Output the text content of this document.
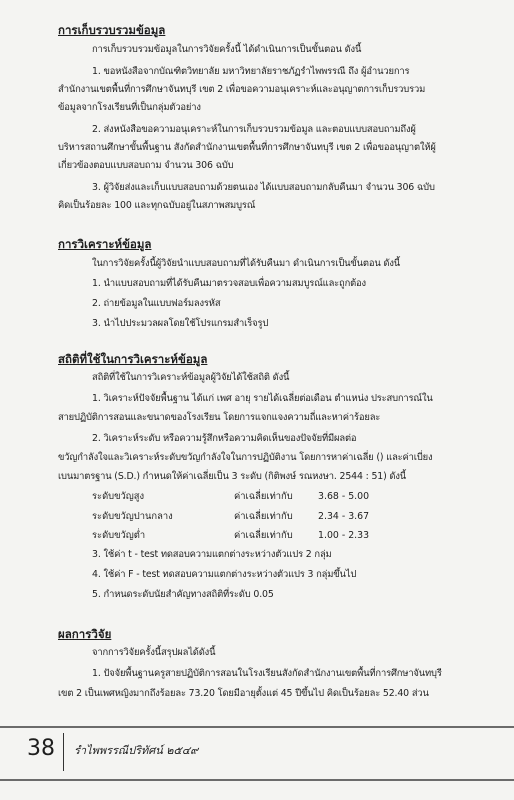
การเก็บรวบรวมข้อมูล
การเก็บรวบรวมข้อมูลในการวิจัยครั้งนี้ ได้ดำเนินการเป็นขั้นตอน ดังนี้
1. ขอหนังสือจากบัณฑิตวิทยาลัย มหาวิทยาลัยราชภัฏรำไพพรรณี ถึง ผู้อำนวยการ
สำนักงานเขตพื้นที่การศึกษาจันทบุรี เขต 2 เพื่อขอความอนุเคราะห์และอนุญาตการเก็บรวบรวม
ข้อมูลจากโรงเรียนที่เป็นกลุ่มตัวอย่าง
2. ส่งหนังสือขอความอนุเคราะห์ในการเก็บรวบรวมข้อมูล และตอบแบบสอบถามถึงผู้
บริหารสถานศึกษาขั้นพื้นฐาน สังกัดสำนักงานเขตพื้นที่การศึกษาจันทบุรี เขต 2 เพื่อขออนุญาตให้ผู้
เกี่ยวข้องตอบแบบสอบถาม จำนวน 306 ฉบับ
3. ผู้วิจัยส่งและเก็บแบบสอบถามด้วยตนเอง ได้แบบสอบถามกลับคืนมา จำนวน 306 ฉบับ
คิดเป็นร้อยละ 100 และทุกฉบับอยู่ในสภาพสมบูรณ์
การวิเคราะห์ข้อมูล
ในการวิจัยครั้งนี้ผู้วิจัยนำแบบสอบถามที่ได้รับคืนมา ดำเนินการเป็นขั้นตอน ดังนี้
1. นำแบบสอบถามที่ได้รับคืนมาตรวจสอบเพื่อความสมบูรณ์และถูกต้อง
2. ถ่ายข้อมูลในแบบฟอร์มลงรหัส
3. นำไปประมวลผลโดยใช้โปรแกรมสำเร็จรูป
สถิติที่ใช้ในการวิเคราะห์ข้อมูล
สถิติที่ใช้ในการวิเคราะห์ข้อมูลผู้วิจัยได้ใช้สถิติ ดังนี้
1. วิเคราะห์ปัจจัยพื้นฐาน ได้แก่ เพศ อายุ รายได้เฉลี่ยต่อเดือน ตำแหน่ง ประสบการณ์ใน
สายปฏิบัติการสอนและขนาดของโรงเรียน โดยการแจกแจงความถี่และหาค่าร้อยละ
2. วิเคราะห์ระดับ หรือความรู้สึกหรือความคิดเห็นของปัจจัยที่มีผลต่อ
ขวัญกำลังใจและวิเคราะห์ระดับขวัญกำลังใจในการปฏิบัติงาน โดยการหาค่าเฉลี่ย () และค่าเบี่ยง
เบนมาตรฐาน (S.D.) กำหนดให้ค่าเฉลี่ยเป็น 3 ระดับ (กิติพงษ์ รณหงษา. 2544 : 51) ดังนี้
ระดับขวัญสูง	ค่าเฉลี่ยเท่ากับ	3.68 - 5.00
ระดับขวัญปานกลาง	ค่าเฉลี่ยเท่ากับ	2.34 - 3.67
ระดับขวัญต่ำ	ค่าเฉลี่ยเท่ากับ	1.00 - 2.33
3. ใช้ค่า t - test ทดสอบความแตกต่างระหว่างตัวแปร 2 กลุ่ม
4. ใช้ค่า F - test ทดสอบความแตกต่างระหว่างตัวแปร 3 กลุ่มขึ้นไป
5. กำหนดระดับนัยสำคัญทางสถิติที่ระดับ 0.05
ผลการวิจัย
จากการวิจัยครั้งนี้สรุปผลได้ดังนี้
1. ปัจจัยพื้นฐานครูสายปฏิบัติการสอนในโรงเรียนสังกัดสำนักงานเขตพื้นที่การศึกษาจันทบุรี
เขต 2 เป็นเพศหญิงมากถึงร้อยละ 73.20 โดยมีอายุตั้งแต่ 45 ปีขึ้นไป คิดเป็นร้อยละ 52.40 ส่วน
38 รำไพพรรณีปริทัศน์ ๒๕๔๙
